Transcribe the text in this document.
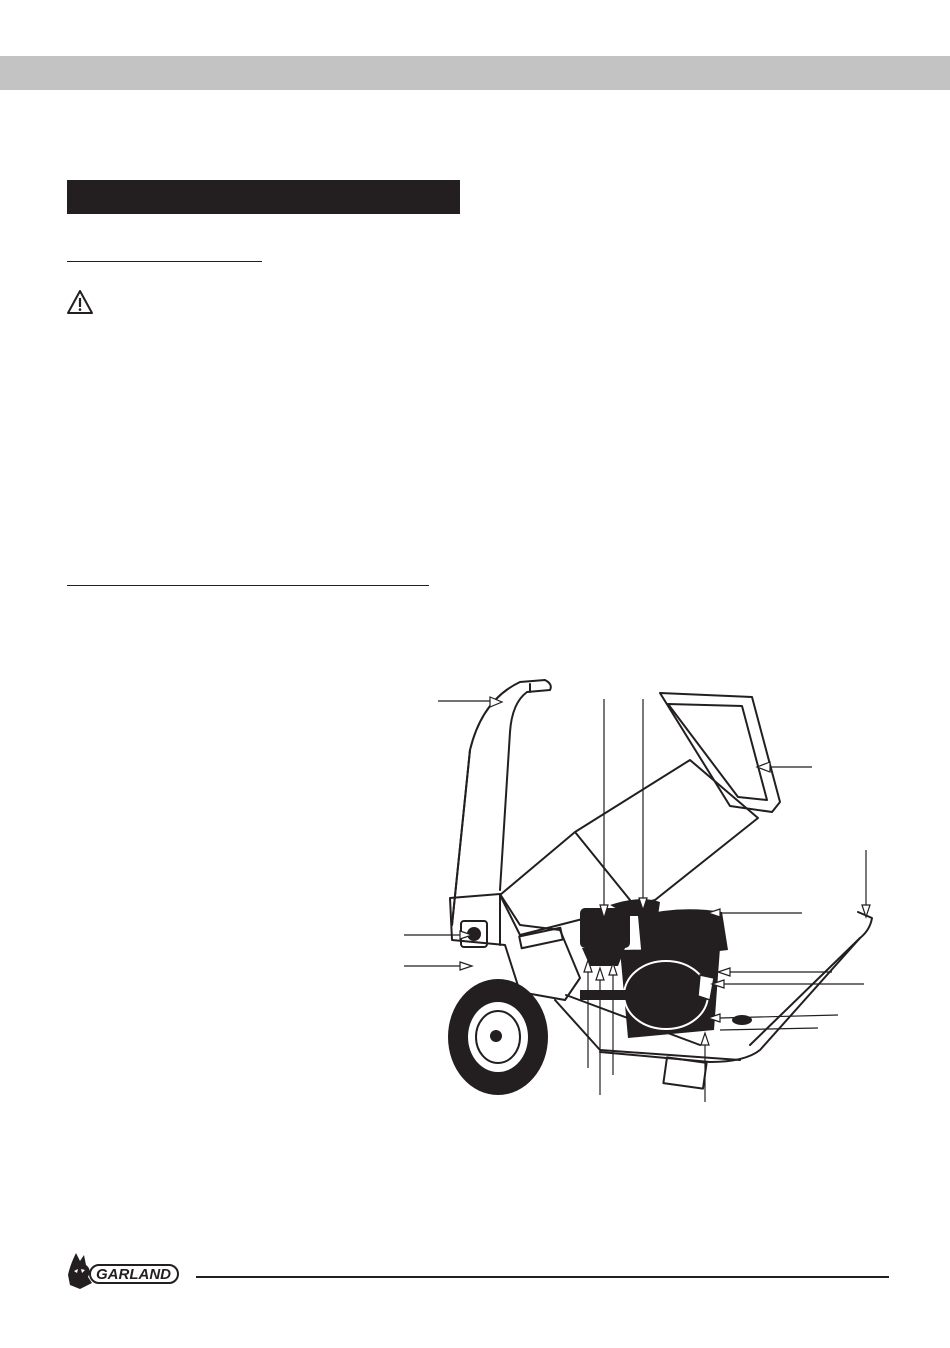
GARLAND
